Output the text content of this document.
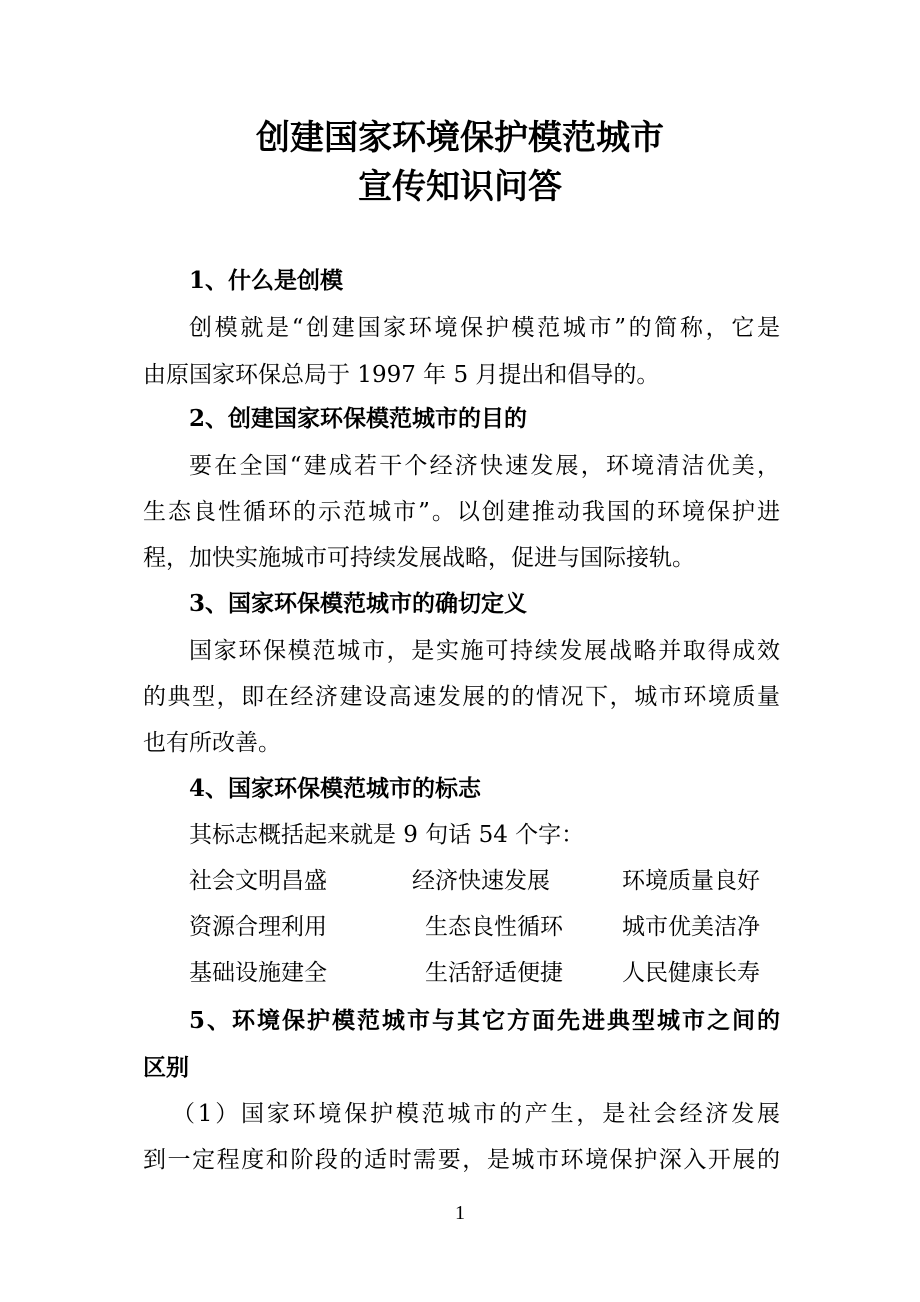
创建国家环境保护模范城市
宣传知识问答
1、什么是创模
创模就是“创建国家环境保护模范城市”的简称，它是
由原国家环保总局于 1997 年 5 月提出和倡导的。
2、创建国家环保模范城市的目的
要在全国“建成若干个经济快速发展，环境清洁优美，
生态良性循环的示范城市”。以创建推动我国的环境保护进
程，加快实施城市可持续发展战略，促进与国际接轨。
3、国家环保模范城市的确切定义
国家环保模范城市，是实施可持续发展战略并取得成效
的典型，即在经济建设高速发展的的情况下，城市环境质量
也有所改善。
4、国家环保模范城市的标志
其标志概括起来就是 9 句话 54 个字：
社会文明昌盛	经济快速发展	环境质量良好
资源合理利用	生态良性循环	城市优美洁净
基础设施建全	生活舒适便捷	人民健康长寿
5、环境保护模范城市与其它方面先进典型城市之间的
区别
（1）国家环境保护模范城市的产生，是社会经济发展
到一定程度和阶段的适时需要，是城市环境保护深入开展的
1
